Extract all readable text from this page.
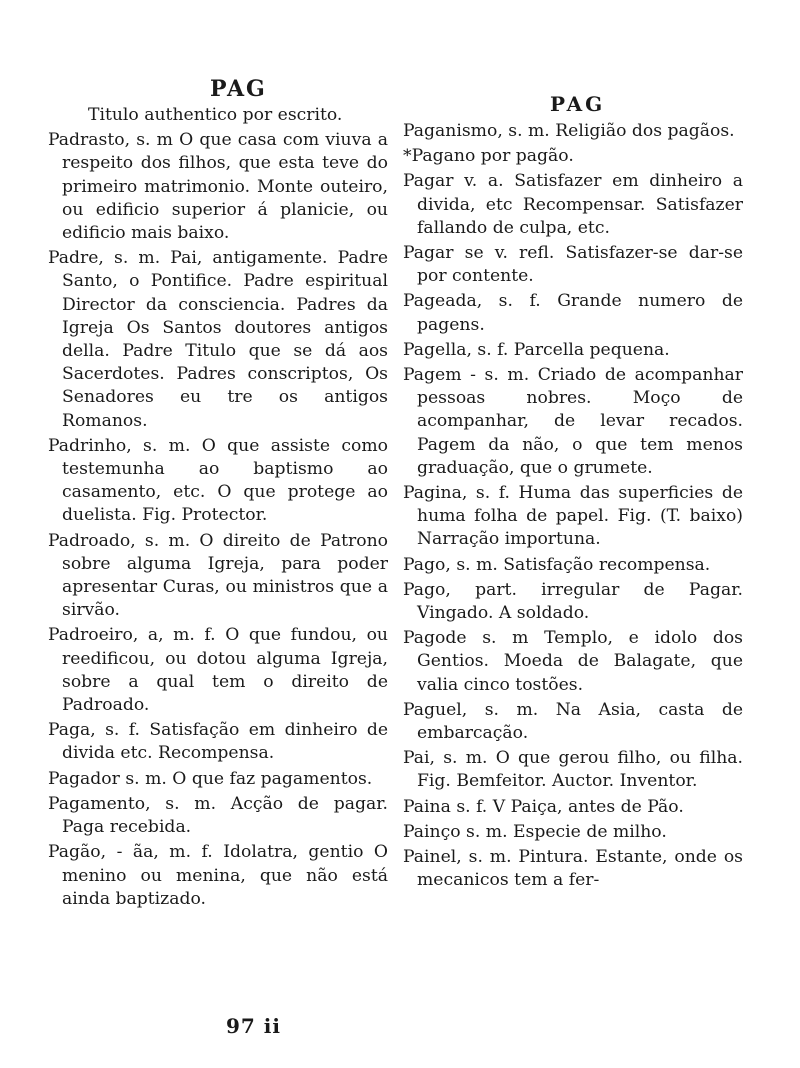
PAG
PAG

Titulo authentico por escrito.

Padrasto, s. m O que casa com viuva a respeito dos filhos, que esta teve do primeiro matrimonio. Monte outeiro, ou edificio superior á planicie, ou edificio mais baixo.

Padre, s. m. Pai, antigamente. Padre Santo, o Pontifice. Padre espiritual Director da consciencia. Padres da Igreja Os Santos doutores antigos della. Padre Titulo que se dá aos Sacerdotes. Padres conscriptos, Os Senadores eu tre os antigos Romanos.

Padrinho, s. m. O que assiste como testemunha ao baptismo ao casamento, etc. O que protege ao duelista. Fig. Protector.

Padroado, s. m. O direito de Patrono sobre alguma Igreja, para poder apresentar Curas, ou ministros que a sirvão.

Padroeiro, a, m. f. O que fundou, ou reedificou, ou dotou alguma Igreja, sobre a qual tem o direito de Padroado.

Paga, s. f. Satisfação em dinheiro de divida etc. Recompensa.

Pagador s. m. O que faz pagamentos.

Pagamento, s. m. Acção de pagar. Paga recebida.

Pagão, - ãa, m. f. Idolatra, gentio O menino ou menina, que não está ainda baptizado.

Paganismo, s. m. Religião dos pagãos.

*Pagano por pagão.

Pagar v. a. Satisfazer em dinheiro a divida, etc Recompensar. Satisfazer fallando de culpa, etc.

Pagar se v. refl. Satisfazer-se dar-se por contente.

Pageada, s. f. Grande numero de pagens.

Pagella, s. f. Parcella pequena.

Pagem - s. m. Criado de acompanhar pessoas nobres. Moço de acompanhar, de levar recados. Pagem da não, o que tem menos graduação, que o grumete.

Pagina, s. f. Huma das superficies de huma folha de papel. Fig. (T. baixo) Narração importuna.

Pago, s. m. Satisfação recompensa.

Pago, part. irregular de Pagar. Vingado. A soldado.

Pagode s. m Templo, e idolo dos Gentios. Moeda de Balagate, que valia cinco tostões.

Paguel, s. m. Na Asia, casta de embarcação.

Pai, s. m. O que gerou filho, ou filha. Fig. Bemfeitor. Auctor. Inventor.

Paina s. f. V Paiça, antes de Pão.

Painço s. m. Especie de milho.

Painel, s. m. Pintura. Estante, onde os mecanicos tem a fer-

97 ii
